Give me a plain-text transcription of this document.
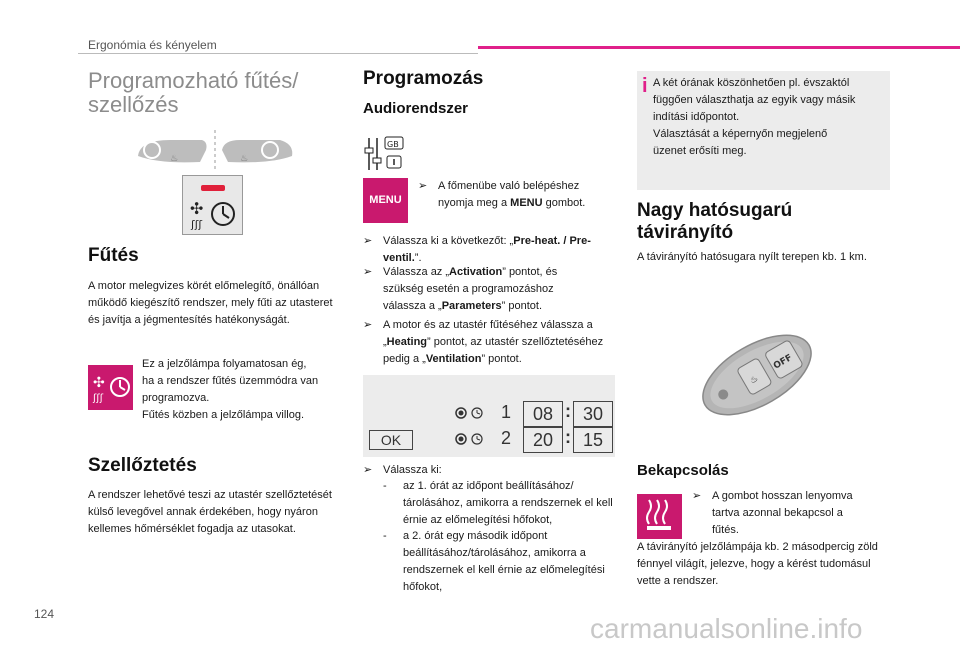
Ergonómia és kényelem
Programozható fűtés/
szellőzés
♨	♨
✣
ʃʃʃ
Fűtés
A motor melegvizes körét előmelegítő, önállóan működő kiegészítő rendszer, mely fűti az utasteret és javítja a jégmentesítés hatékonyságát.
✣
ʃʃʃ
Ez a jelzőlámpa folyamatosan ég,
ha a rendszer fűtés üzemmódra van
programozva.
Fűtés közben a jelzőlámpa villog.
Szellőztetés
A rendszer lehetővé teszi az utastér szellőztetését külső levegővel annak érdekében, hogy nyáron kellemes hőmérséklet fogadja az utasokat.
Programozás
Audiorendszer
GB
MENU
➢ A főmenübe való belépéshez
nyomja meg a MENU gombot.
➢ Válassza ki a következőt: „Pre-heat. / Pre-ventil.”.
➢ Válassza az „Activation” pontot, és szükség esetén a programozáshoz válassza a „Parameters” pontot.
➢ A motor és az utastér fűtéséhez válassza a „Heating” pontot, az utastér szellőztetéséhez pedig a „Ventilation” pontot.
OK
1	08 : 30
2	20 : 15
➢ Válassza ki:
-	az 1. órát az időpont beállításához/ tárolásához, amikorra a rendszernek el kell érnie az előmelegítési hőfokot,
-	a 2. órát egy második időpont beállításához/tárolásához, amikorra a rendszernek el kell érnie az előmelegítési hőfokot,
i A két órának köszönhetően pl. évszaktól
függően választhatja az egyik vagy másik
indítási időpontot.
Választását a képernyőn megjelenő
üzenet erősíti meg.
Nagy hatósugarú
távirányító
A távirányító hatósugara nyílt terepen kb. 1 km.
♨
OFF
Bekapcsolás
➢ A gombot hosszan lenyomva
tartva azonnal bekapcsol a
fűtés.
A távirányító jelzőlámpája kb. 2 másodpercig zöld fénnyel világít, jelezve, hogy a kérést tudomásul vette a rendszer.
124	carmanualsonline.info
